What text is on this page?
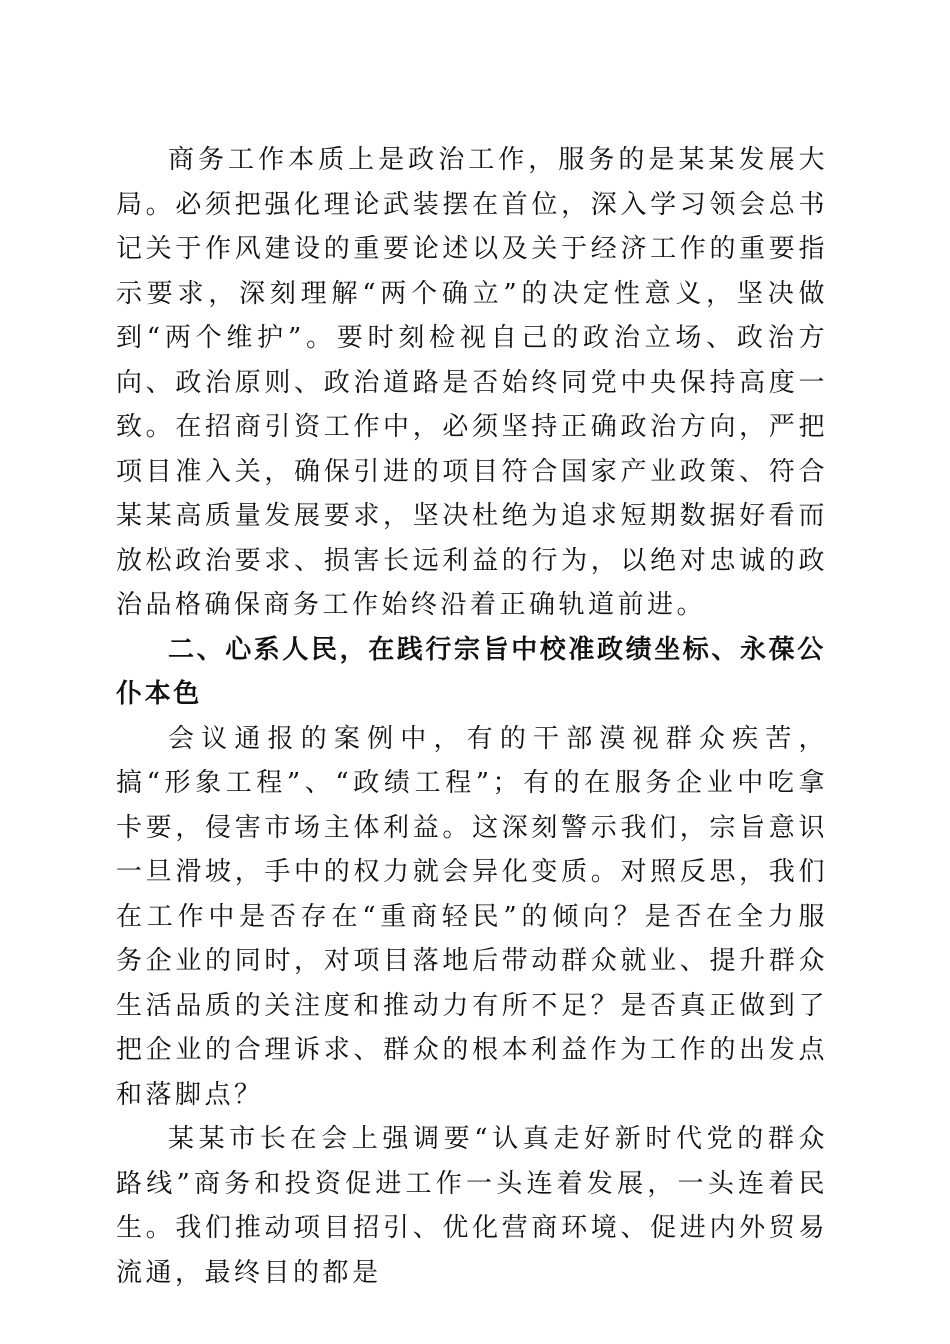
商务工作本质上是政治工作，服务的是某某发展大局。必须把强化理论武装摆在首位，深入学习领会总书记关于作风建设的重要论述以及关于经济工作的重要指示要求，深刻理解“两个确立”的决定性意义，坚决做到“两个维护”。要时刻检视自己的政治立场、政治方向、政治原则、政治道路是否始终同党中央保持高度一致。在招商引资工作中，必须坚持正确政治方向，严把项目准入关，确保引进的项目符合国家产业政策、符合某某高质量发展要求，坚决杜绝为追求短期数据好看而放松政治要求、损害长远利益的行为，以绝对忠诚的政治品格确保商务工作始终沿着正确轨道前进。

二、心系人民，在践行宗旨中校准政绩坐标、永葆公仆本色

会议通报的案例中，有的干部漠视群众疾苦，搞“形象工程”、“政绩工程”；有的在服务企业中吃拿卡要，侵害市场主体利益。这深刻警示我们，宗旨意识一旦滑坡，手中的权力就会异化变质。对照反思，我们在工作中是否存在“重商轻民”的倾向？是否在全力服务企业的同时，对项目落地后带动群众就业、提升群众生活品质的关注度和推动力有所不足？是否真正做到了把企业的合理诉求、群众的根本利益作为工作的出发点和落脚点？

某某市长在会上强调要“认真走好新时代党的群众路线”商务和投资促进工作一头连着发展，一头连着民生。我们推动项目招引、优化营商环境、促进内外贸易流通，最终目的都是
